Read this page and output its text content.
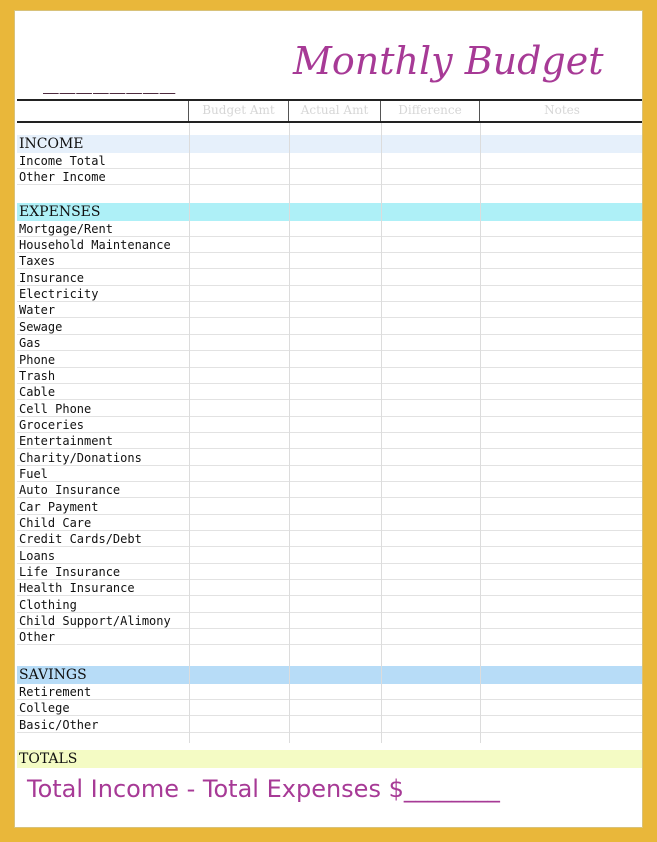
________	Monthly Budget
Budget Amt	Actual Amt	Difference	Notes
INCOME
Income Total
Other Income
EXPENSES
Mortgage/Rent
Household Maintenance
Taxes
Insurance
Electricity
Water
Sewage
Gas
Phone
Trash
Cable
Cell Phone
Groceries
Entertainment
Charity/Donations
Fuel
Auto Insurance
Car Payment
Child Care
Credit Cards/Debt
Loans
Life Insurance
Health Insurance
Clothing
Child Support/Alimony
Other
SAVINGS
Retirement
College
Basic/Other
TOTALS
Total Income - Total Expenses $________
